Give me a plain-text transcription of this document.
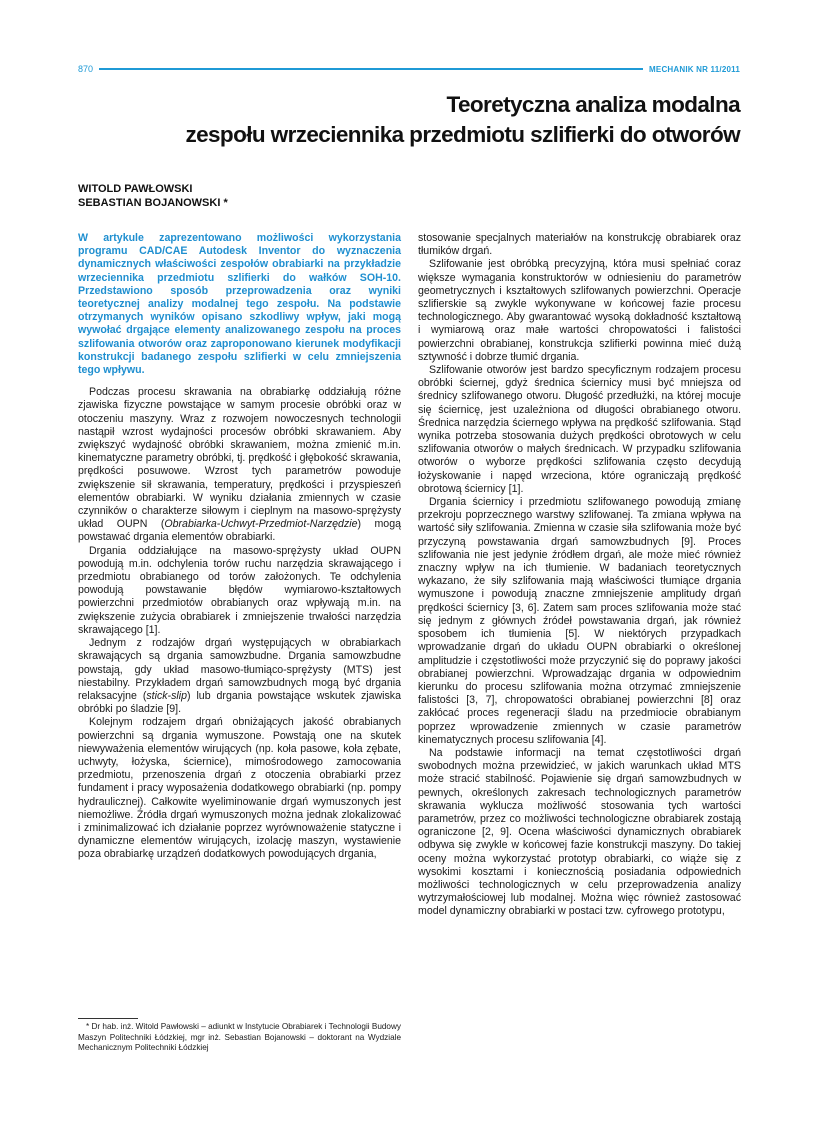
870	MECHANIK NR 11/2011
Teoretyczna analiza modalna
zespołu wrzeciennika przedmiotu szlifierki do otworów
WITOLD PAWŁOWSKI
SEBASTIAN BOJANOWSKI *
W artykule zaprezentowano możliwości wykorzystania programu CAD/CAE Autodesk Inventor do wyznaczenia dynamicznych właściwości zespołów obrabiarki na przykładzie wrzeciennika przedmiotu szlifierki do wałków SOH-10. Przedstawiono sposób przeprowadzenia oraz wyniki teoretycznej analizy modalnej tego zespołu. Na podstawie otrzymanych wyników opisano szkodliwy wpływ, jaki mogą wywołać drgające elementy analizowanego zespołu na proces szlifowania otworów oraz zaproponowano kierunek modyfikacji konstrukcji badanego zespołu szlifierki w celu zmniejszenia tego wpływu.

Podczas procesu skrawania na obrabiarkę oddziałują różne zjawiska fizyczne powstające w samym procesie obróbki oraz w otoczeniu maszyny. Wraz z rozwojem nowoczesnych technologii nastąpił wzrost wydajności procesów obróbki skrawaniem. Aby zwiększyć wydajność obróbki skrawaniem, można zmienić m.in. kinematyczne parametry obróbki, tj. prędkość i głębokość skrawania, prędkości posuwowe. Wzrost tych parametrów powoduje zwiększenie sił skrawania, temperatury, prędkości i przyspieszeń elementów obrabiarki. W wyniku działania zmiennych w czasie czynników o charakterze siłowym i cieplnym na masowo-sprężysty układ OUPN (Obrabiarka-Uchwyt-Przedmiot-Narzędzie) mogą powstawać drgania elementów obrabiarki.

Drgania oddziałujące na masowo-sprężysty układ OUPN powodują m.in. odchylenia torów ruchu narzędzia skrawającego i przedmiotu obrabianego od torów założonych. Te odchylenia powodują powstawanie błędów wymiarowo-kształtowych powierzchni przedmiotów obrabianych oraz wpływają m.in. na zwiększenie zużycia obrabiarek i zmniejszenie trwałości narzędzia skrawającego [1].

Jednym z rodzajów drgań występujących w obrabiarkach skrawających są drgania samowzbudne. Drgania samowzbudne powstają, gdy układ masowo-tłumiąco-sprężysty (MTS) jest niestabilny. Przykładem drgań samowzbudnych mogą być drgania relaksacyjne (stick-slip) lub drgania powstające wskutek zjawiska obróbki po śladzie [9].

Kolejnym rodzajem drgań obniżających jakość obrabianych powierzchni są drgania wymuszone. Powstają one na skutek niewyważenia elementów wirujących (np. koła pasowe, koła zębate, uchwyty, łożyska, ściernice), mimośrodowego zamocowania przedmiotu, przenoszenia drgań z otoczenia obrabiarki przez fundament i pracy wyposażenia dodatkowego obrabiarki (np. pompy hydraulicznej). Całkowite wyeliminowanie drgań wymuszonych jest niemożliwe. Źródła drgań wymuszonych można jednak zlokalizować i zminimalizować ich działanie poprzez wyrównoważenie statyczne i dynamiczne elementów wirujących, izolację maszyn, wystawienie poza obrabiarkę urządzeń dodatkowych powodujących drgania,

stosowanie specjalnych materiałów na konstrukcję obrabiarek oraz tłumików drgań.

Szlifowanie jest obróbką precyzyjną, która musi spełniać coraz większe wymagania konstruktorów w odniesieniu do parametrów geometrycznych i kształtowych szlifowanych powierzchni. Operacje szlifierskie są zwykle wykonywane w końcowej fazie procesu technologicznego. Aby gwarantować wysoką dokładność kształtową i wymiarową oraz małe wartości chropowatości i falistości powierzchni obrabianej, konstrukcja szlifierki powinna mieć dużą sztywność i dobrze tłumić drgania.

Szlifowanie otworów jest bardzo specyficznym rodzajem procesu obróbki ściernej, gdyż średnica ściernicy musi być mniejsza od średnicy szlifowanego otworu. Długość przedłużki, na której mocuje się ściernicę, jest uzależniona od długości obrabianego otworu. Średnica narzędzia ściernego wpływa na prędkość szlifowania. Stąd wynika potrzeba stosowania dużych prędkości obrotowych w celu szlifowania otworów o małych średnicach. W przypadku szlifowania otworów o wyborze prędkości szlifowania często decydują łożyskowanie i napęd wrzeciona, które ograniczają prędkość obrotową ściernicy [1].

Drgania ściernicy i przedmiotu szlifowanego powodują zmianę przekroju poprzecznego warstwy szlifowanej. Ta zmiana wpływa na wartość siły szlifowania. Zmienna w czasie siła szlifowania może być przyczyną powstawania drgań samowzbudnych [9]. Proces szlifowania nie jest jedynie źródłem drgań, ale może mieć również znaczny wpływ na ich tłumienie. W badaniach teoretycznych wykazano, że siły szlifowania mają właściwości tłumiące drgania wymuszone i powodują znaczne zmniejszenie amplitudy drgań prędkości ściernicy [3, 6]. Zatem sam proces szlifowania może stać się jednym z głównych źródeł powstawania drgań, jak również sposobem ich tłumienia [5]. W niektórych przypadkach wprowadzanie drgań do układu OUPN obrabiarki o określonej amplitudzie i częstotliwości może przyczynić się do poprawy jakości obrabianej powierzchni. Wprowadzając drgania w odpowiednim kierunku do procesu szlifowania można otrzymać zmniejszenie falistości [3, 7], chropowatości obrabianej powierzchni [8] oraz zakłócać proces regeneracji śladu na przedmiocie obrabianym poprzez wprowadzenie zmiennych w czasie parametrów kinematycznych procesu szlifowania [4].

Na podstawie informacji na temat częstotliwości drgań swobodnych można przewidzieć, w jakich warunkach układ MTS może stracić stabilność. Pojawienie się drgań samowzbudnych w pewnych, określonych zakresach technologicznych parametrów skrawania wyklucza możliwość stosowania tych wartości parametrów, przez co możliwości technologiczne obrabiarek zostają ograniczone [2, 9]. Ocena właściwości dynamicznych obrabiarek odbywa się zwykle w końcowej fazie konstrukcji maszyny. Do takiej oceny można wykorzystać prototyp obrabiarki, co wiąże się z wysokimi kosztami i koniecznością posiadania odpowiednich możliwości technologicznych w celu przeprowadzenia analizy wytrzymałościowej lub modalnej. Można więc również zastosować model dynamiczny obrabiarki w postaci tzw. cyfrowego prototypu,

* Dr hab. inż. Witold Pawłowski – adiunkt w Instytucie Obrabiarek i Technologii Budowy Maszyn Politechniki Łódzkiej, mgr inż. Sebastian Bojanowski – doktorant na Wydziale Mechanicznym Politechniki Łódzkiej
